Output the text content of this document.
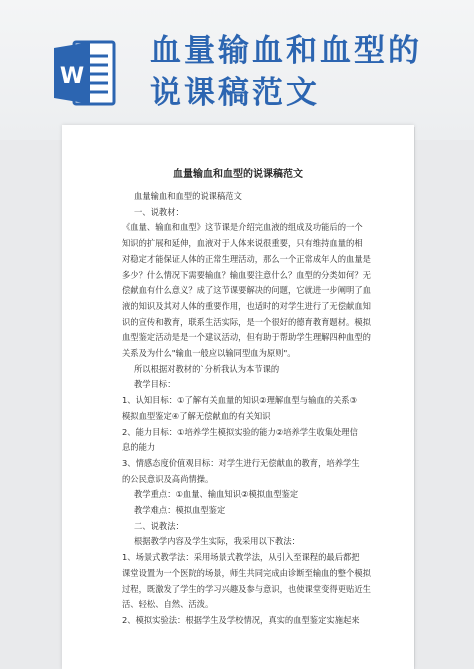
W
血量输血和血型的
说课稿范文
血量输血和血型的说课稿范文

血量输血和血型的说课稿范文

一、说教材：

《血量、输血和血型》这节课是介绍完血液的组成及功能后的一个

知识的扩展和延伸，血液对于人体来说很重要，只有维持血量的相

对稳定才能保证人体的正常生理活动，那么一个正常成年人的血量是

多少？什么情况下需要输血？输血要注意什么？血型的分类如何？无

偿献血有什么意义？成了这节课要解决的问题，它就进一步阐明了血

液的知识及其对人体的重要作用，也适时的对学生进行了无偿献血知

识的宣传和教育，联系生活实际，是一个很好的德育教育题材。模拟

血型鉴定活动是是一个建议活动，但有助于帮助学生理解四种血型的

关系及为什么"输血一般应以输同型血为原则"。

所以根据对教材的`分析我认为本节课的

教学目标：

1、认知目标：①了解有关血量的知识②理解血型与输血的关系③

模拟血型鉴定④了解无偿献血的有关知识

2、能力目标：①培养学生模拟实验的能力②培养学生收集处理信

息的能力

3、情感态度价值观目标：对学生进行无偿献血的教育，培养学生

的公民意识及高尚情操。

教学重点：①血量、输血知识②模拟血型鉴定

教学难点：模拟血型鉴定

二、说教法：

根据教学内容及学生实际，我采用以下教法：

1、场景式教学法：采用场景式教学法，从引入至课程的最后都把

课堂设置为一个医院的场景，师生共同完成由诊断至输血的整个模拟

过程，既激发了学生的学习兴趣及参与意识，也使课堂变得更贴近生

活、轻松、自然、活泼。

2、模拟实验法：根据学生及学校情况，真实的血型鉴定实施起来
